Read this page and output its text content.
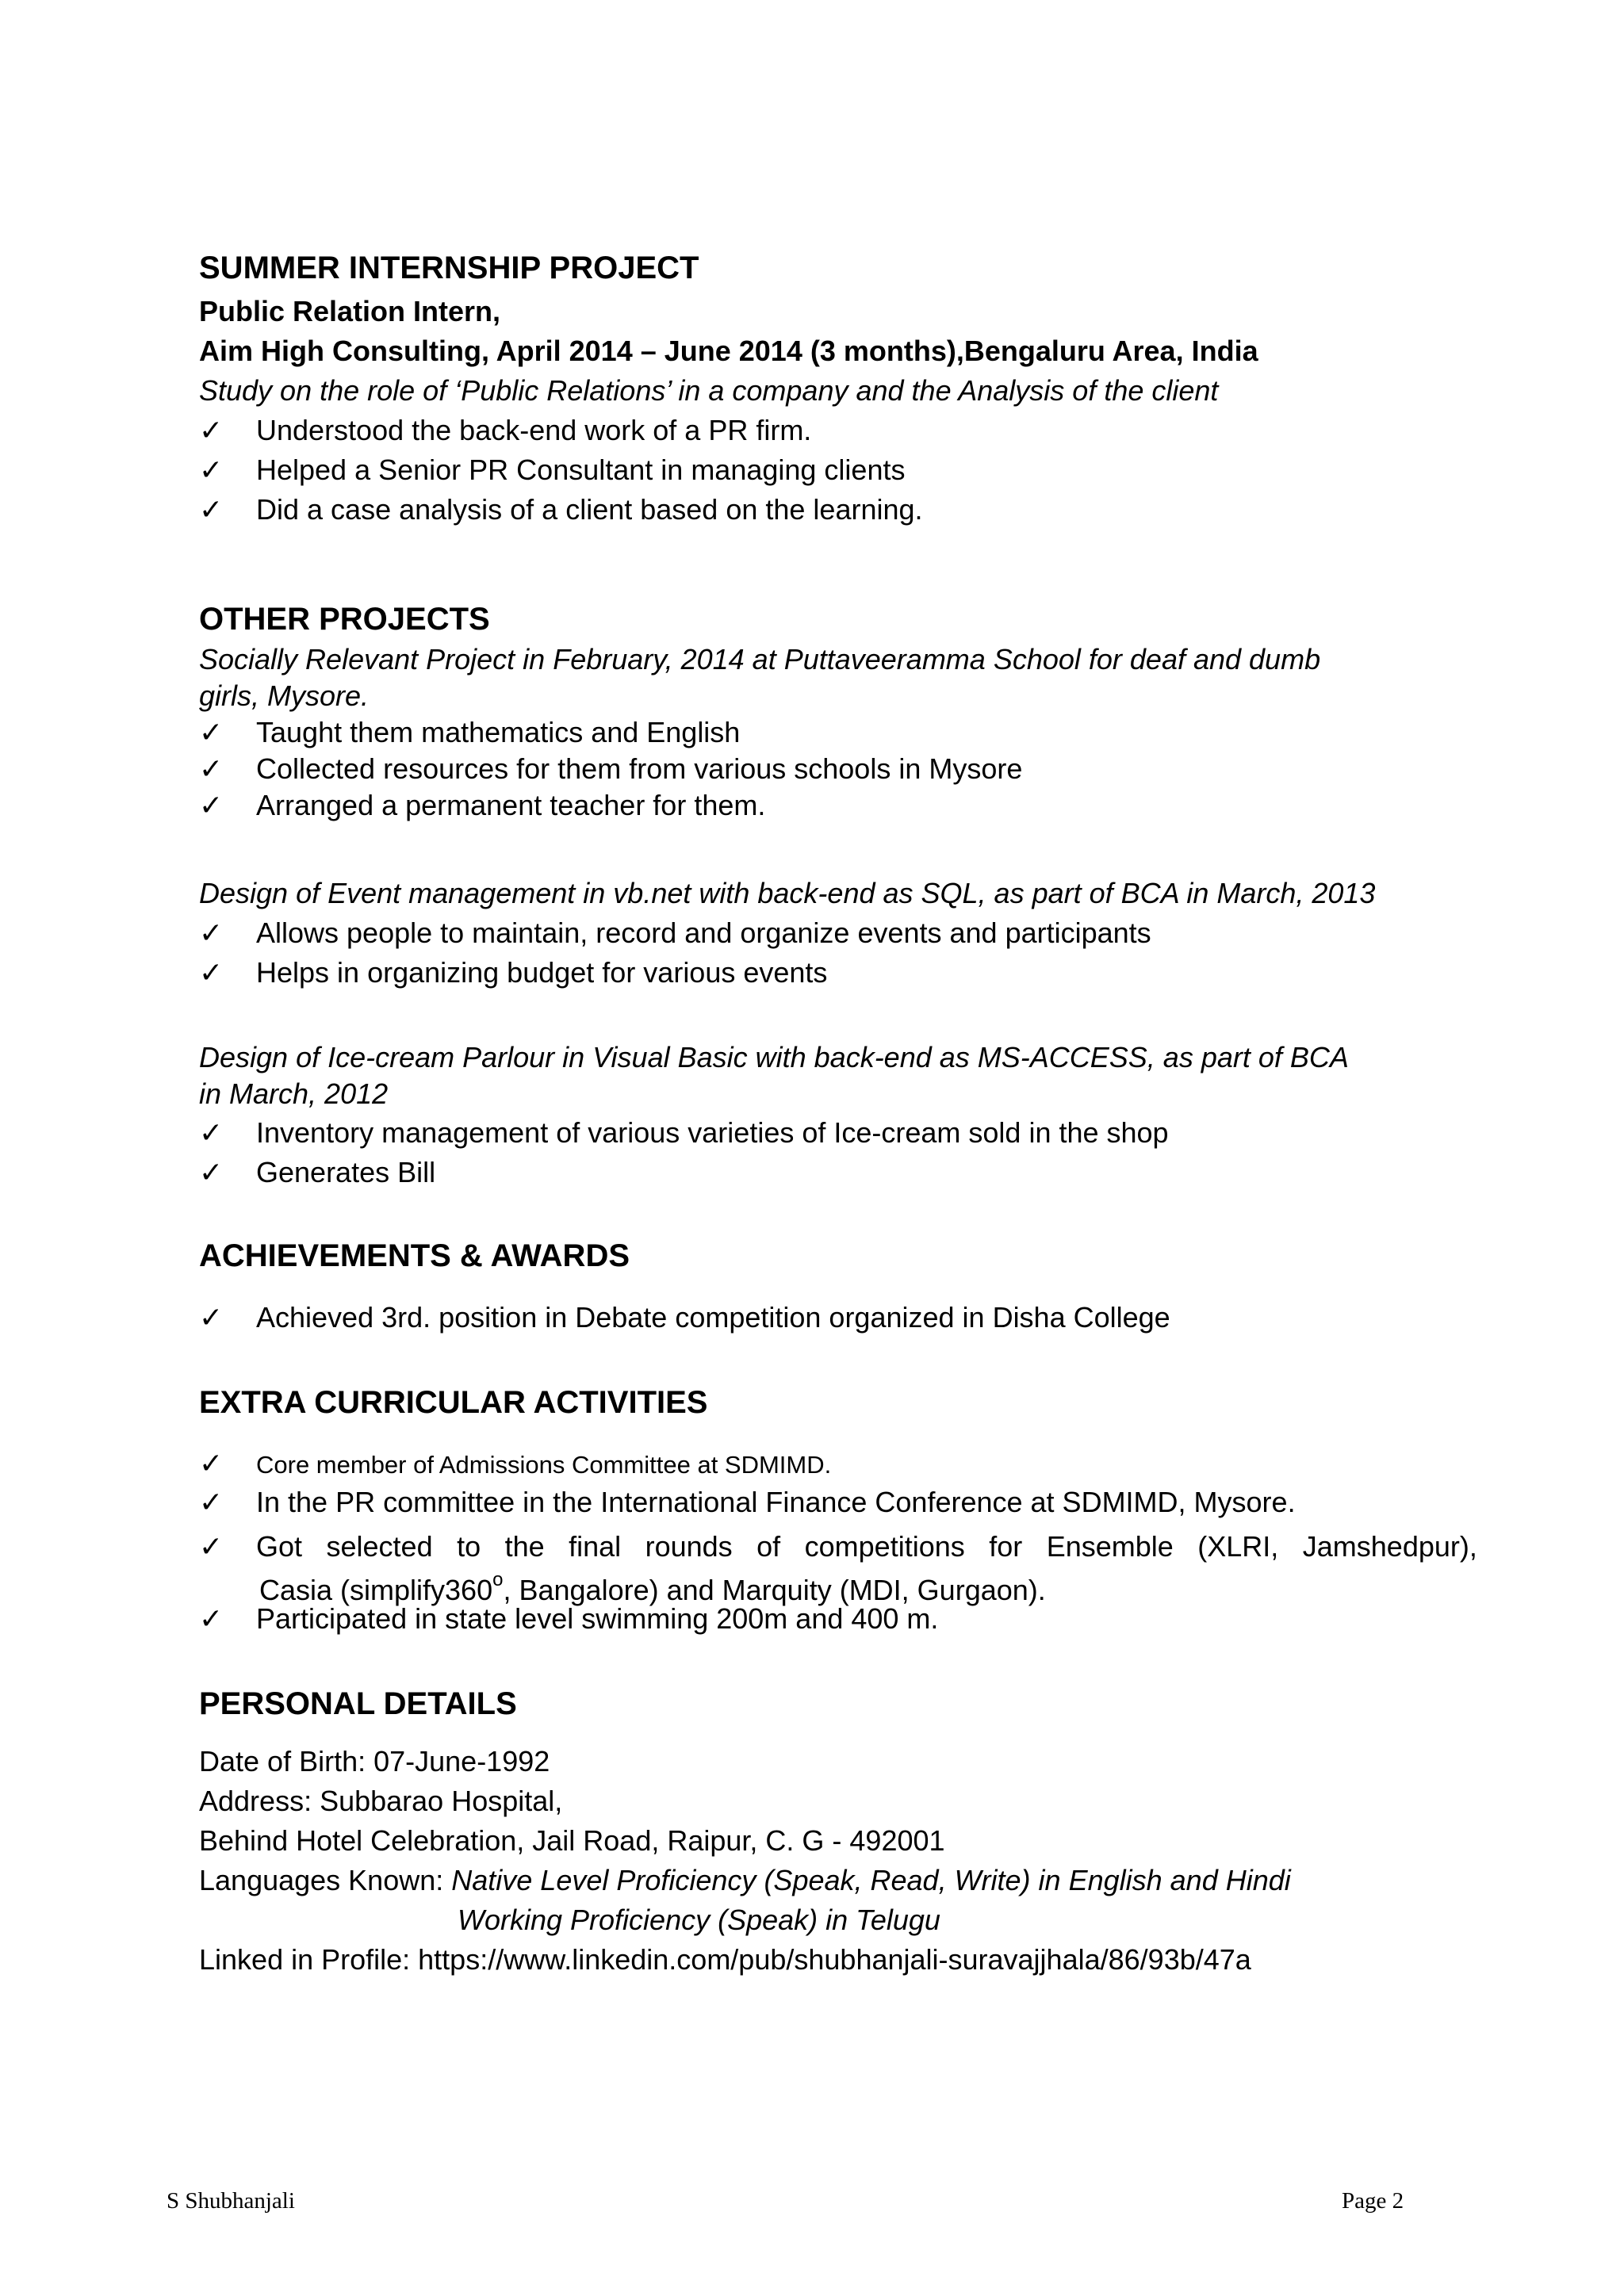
SUMMER INTERNSHIP PROJECT

Public Relation Intern,

Aim High Consulting, April 2014 – June 2014 (3 months),Bengaluru Area, India

Study on the role of ‘Public Relations’ in a company and the Analysis of the client

✓ Understood the back-end work of a PR firm.

✓ Helped a Senior PR Consultant in managing clients

✓ Did a case analysis of a client based on the learning.

OTHER PROJECTS

Socially Relevant Project in February, 2014 at Puttaveeramma School for deaf and dumb

girls, Mysore.

✓ Taught them mathematics and English

✓ Collected resources for them from various schools in Mysore

✓ Arranged a permanent teacher for them.

Design of Event management in vb.net with back-end as SQL, as part of BCA in March, 2013

✓ Allows people to maintain, record and organize events and participants

✓ Helps in organizing budget for various events

Design of Ice-cream Parlour in Visual Basic with back-end as MS-ACCESS, as part of BCA

in March, 2012

✓ Inventory management of various varieties of Ice-cream sold in the shop

✓ Generates Bill

ACHIEVEMENTS & AWARDS

✓ Achieved 3rd. position in Debate competition organized in Disha College

EXTRA CURRICULAR ACTIVITIES

✓ Core member of Admissions Committee at SDMIMD.

✓ In the PR committee in the International Finance Conference at SDMIMD, Mysore.

✓	Got selected to the final rounds of competitions for Ensemble (XLRI, Jamshedpur),
Casia (simplify360$^o$, Bangalore) and Marquity (MDI, Gurgaon).

✓ Participated in state level swimming 200m and 400 m.

PERSONAL DETAILS

Date of Birth: 07-June-1992

Address: Subbarao Hospital,

Behind Hotel Celebration, Jail Road, Raipur, C. G - 492001

Languages Known: Native Level Proficiency (Speak, Read, Write) in English and Hindi

Working Proficiency (Speak) in Telugu

Linked in Profile: https://www.linkedin.com/pub/shubhanjali-suravajjhala/86/93b/47a

S Shubhanjali	Page 2
